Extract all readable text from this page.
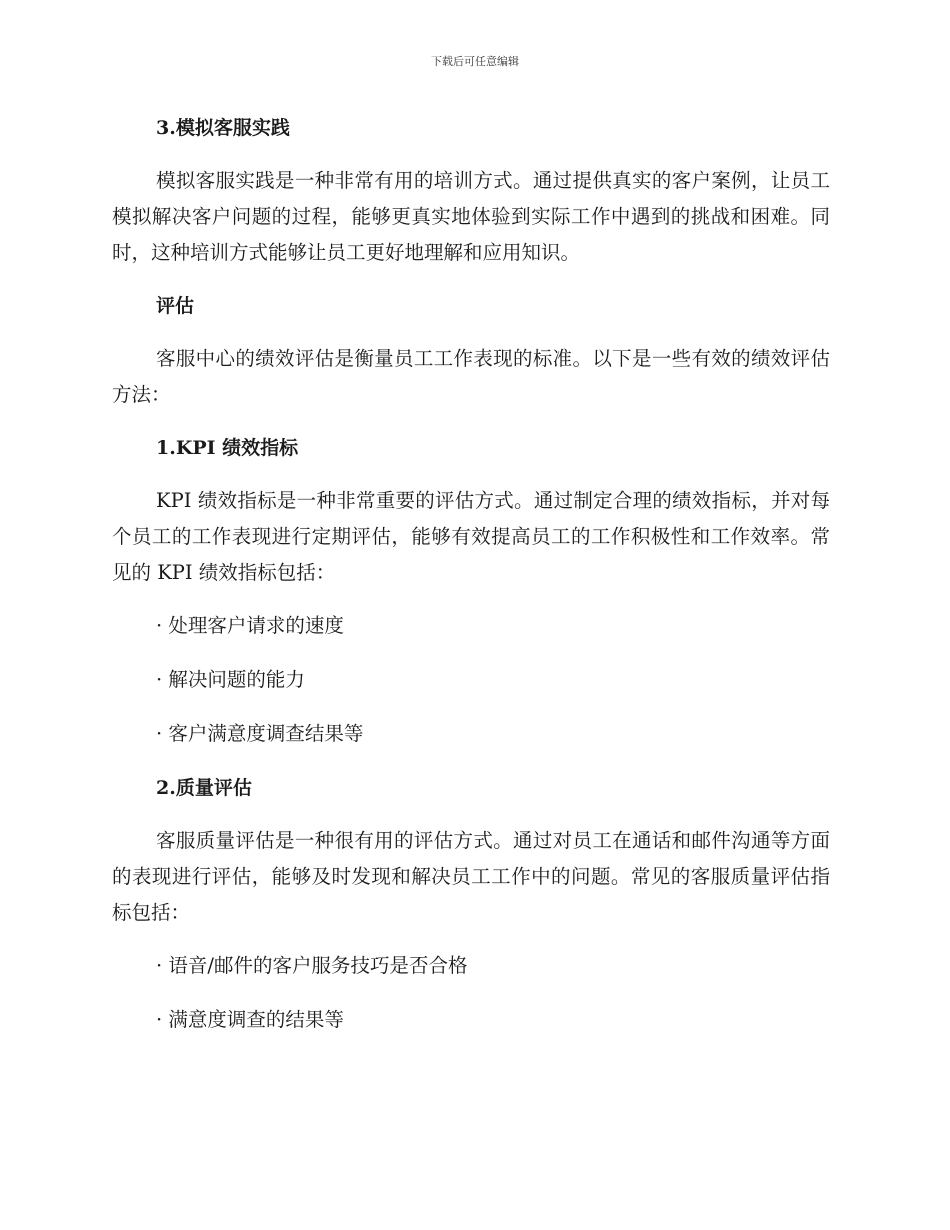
下载后可任意编辑
3.模拟客服实践
模拟客服实践是一种非常有用的培训方式。通过提供真实的客户案例，让员工模拟解决客户问题的过程，能够更真实地体验到实际工作中遇到的挑战和困难。同时，这种培训方式能够让员工更好地理解和应用知识。
评估
客服中心的绩效评估是衡量员工工作表现的标准。以下是一些有效的绩效评估方法：
1.KPI 绩效指标
KPI 绩效指标是一种非常重要的评估方式。通过制定合理的绩效指标，并对每个员工的工作表现进行定期评估，能够有效提高员工的工作积极性和工作效率。常见的 KPI 绩效指标包括：
· 处理客户请求的速度
· 解决问题的能力
· 客户满意度调查结果等
2.质量评估
客服质量评估是一种很有用的评估方式。通过对员工在通话和邮件沟通等方面的表现进行评估，能够及时发现和解决员工工作中的问题。常见的客服质量评估指标包括：
· 语音/邮件的客户服务技巧是否合格
· 满意度调查的结果等
